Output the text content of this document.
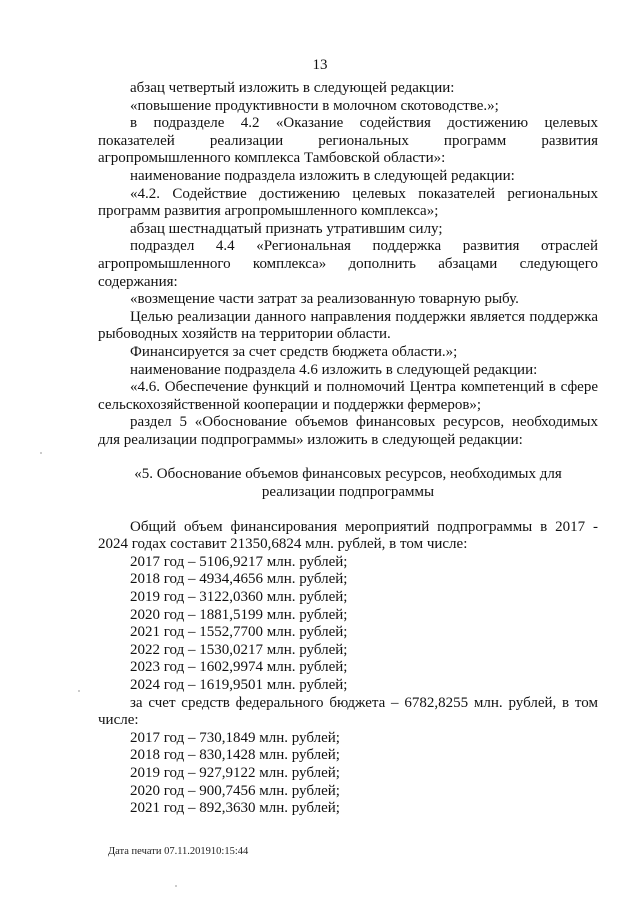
13

абзац четвертый изложить в следующей редакции:

«повышение продуктивности в молочном скотоводстве.»;

в подразделе 4.2 «Оказание содействия достижению целевых показателей реализации региональных программ развития

агропромышленного комплекса Тамбовской области»:

наименование подраздела изложить в следующей редакции:

«4.2. Содействие достижению целевых показателей региональных программ развития агропромышленного комплекса»;

абзац шестнадцатый признать утратившим силу;

подраздел 4.4 «Региональная поддержка развития отраслей агропромышленного комплекса» дополнить абзацами следующего содержания:

«возмещение части затрат за реализованную товарную рыбу.

Целью реализации данного направления поддержки является поддержка рыбоводных хозяйств на территории области.

Финансируется за счет средств бюджета области.»;

наименование подраздела 4.6 изложить в следующей редакции:

«4.6. Обеспечение функций и полномочий Центра компетенций в сфере сельскохозяйственной кооперации и поддержки фермеров»;

раздел 5 «Обоснование объемов финансовых ресурсов, необходимых для реализации подпрограммы» изложить в следующей редакции:

«5. Обоснование объемов финансовых ресурсов, необходимых для
реализации подпрограммы

Общий объем финансирования мероприятий подпрограммы в 2017 - 2024 годах составит 21350,6824 млн. рублей, в том числе:

2017 год – 5106,9217 млн. рублей;

2018 год – 4934,4656 млн. рублей;

2019 год – 3122,0360 млн. рублей;

2020 год – 1881,5199 млн. рублей;

2021 год – 1552,7700 млн. рублей;

2022 год – 1530,0217 млн. рублей;

2023 год – 1602,9974 млн. рублей;

2024 год – 1619,9501 млн. рублей;

за счет средств федерального бюджета – 6782,8255 млн. рублей, в том числе:

2017 год – 730,1849 млн. рублей;

2018 год – 830,1428 млн. рублей;

2019 год – 927,9122 млн. рублей;

2020 год – 900,7456 млн. рублей;

2021 год – 892,3630 млн. рублей;

Дата печати 07.11.201910:15:44
